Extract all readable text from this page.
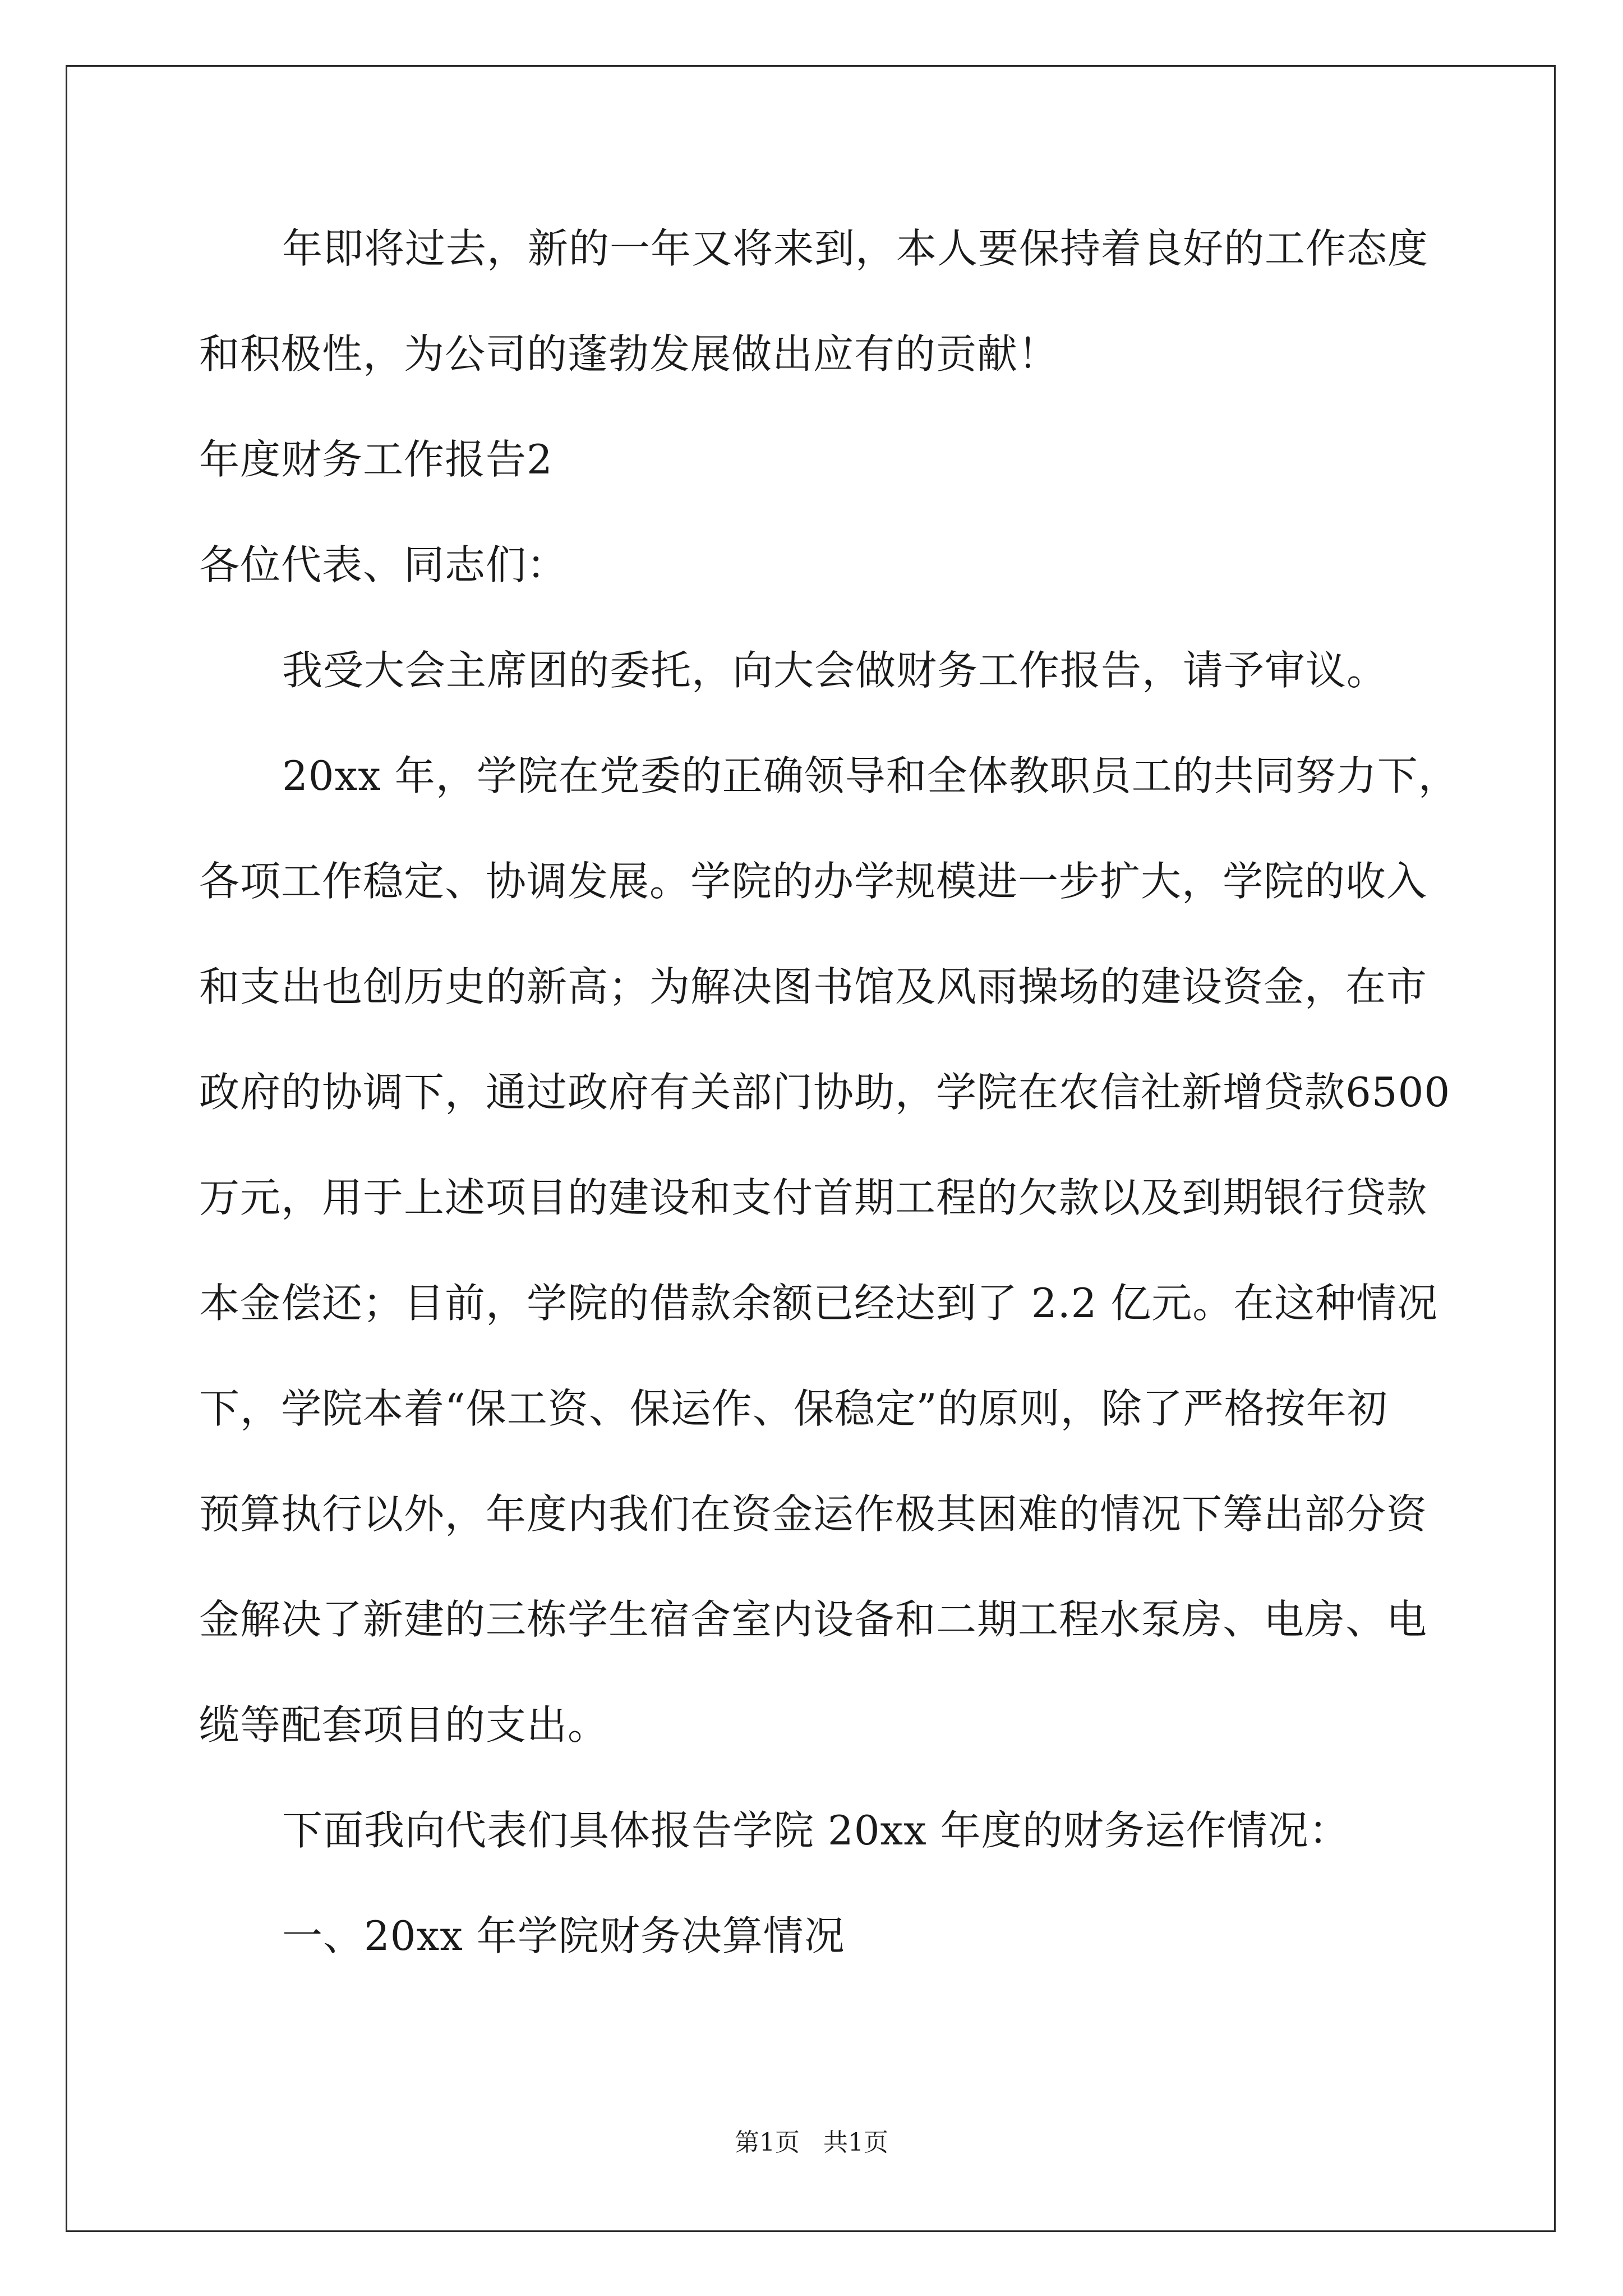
年即将过去，新的一年又将来到，本人要保持着良好的工作态度
和积极性，为公司的蓬勃发展做出应有的贡献！
年度财务工作报告2
各位代表、同志们：
我受大会主席团的委托，向大会做财务工作报告，请予审议。
20xx 年，学院在党委的正确领导和全体教职员工的共同努力下，
各项工作稳定、协调发展。学院的办学规模进一步扩大，学院的收入
和支出也创历史的新高；为解决图书馆及风雨操场的建设资金，在市
政府的协调下，通过政府有关部门协助，学院在农信社新增贷款6500
万元，用于上述项目的建设和支付首期工程的欠款以及到期银行贷款
本金偿还；目前，学院的借款余额已经达到了 2.2 亿元。在这种情况
下，学院本着“保工资、保运作、保稳定”的原则，除了严格按年初
预算执行以外，年度内我们在资金运作极其困难的情况下筹出部分资
金解决了新建的三栋学生宿舍室内设备和二期工程水泵房、电房、电
缆等配套项目的支出。
下面我向代表们具体报告学院 20xx 年度的财务运作情况：
一、20xx 年学院财务决算情况
第1页 共1页
